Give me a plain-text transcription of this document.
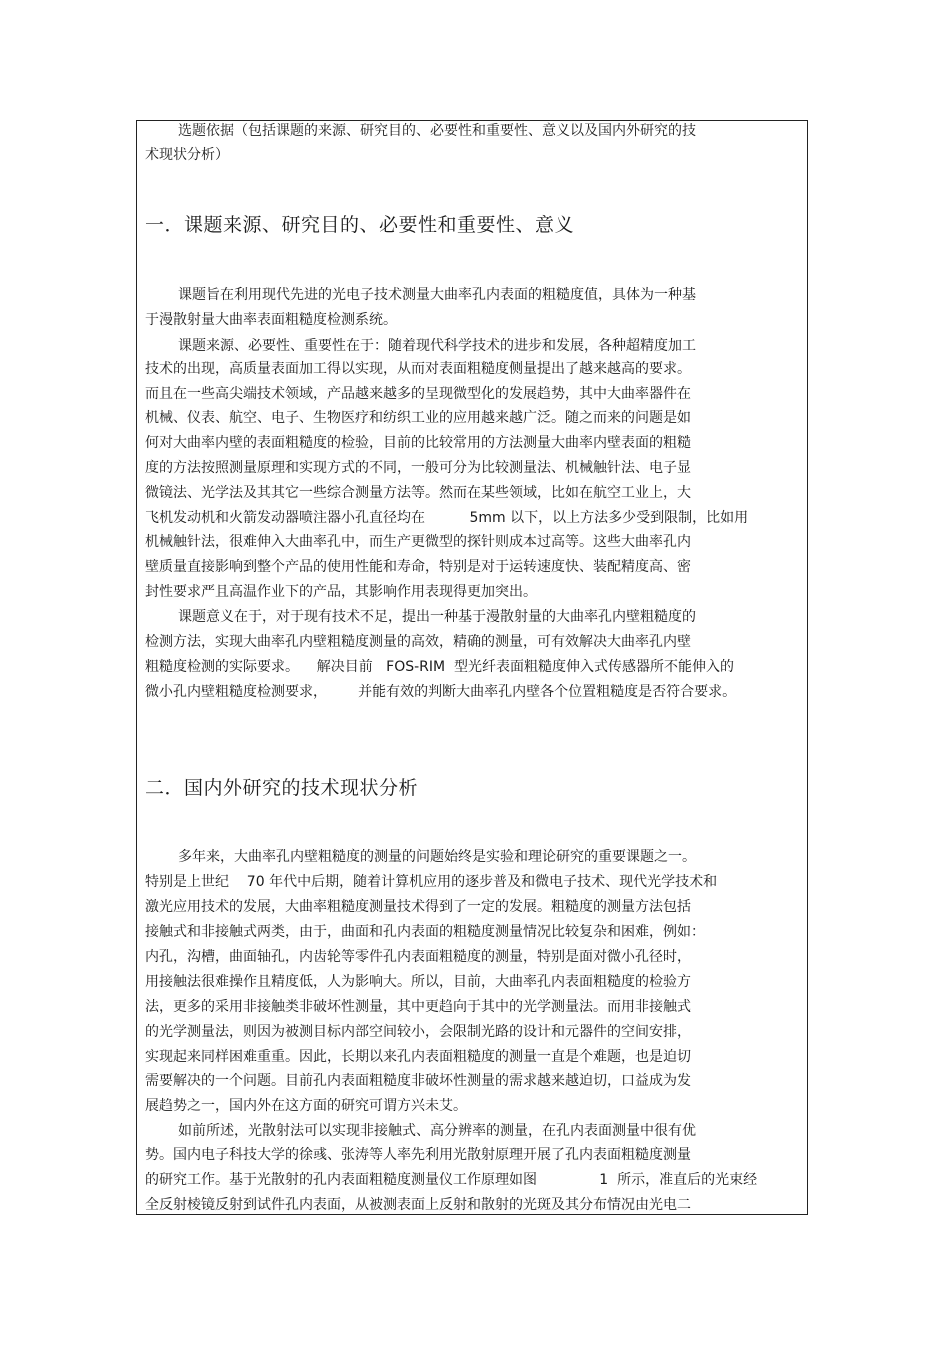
选题依据（包括课题的来源、研究目的、必要性和重要性、意义以及国内外研究的技
术现状分析）
一．课题来源、研究目的、必要性和重要性、意义
课题旨在利用现代先进的光电子技术测量大曲率孔内表面的粗糙度值，具体为一种基
于漫散射量大曲率表面粗糙度检测系统。
课题来源、必要性、重要性在于：随着现代科学技术的进步和发展，各种超精度加工
技术的出现，高质量表面加工得以实现，从而对表面粗糙度侧量提出了越来越高的要求。
而且在一些高尖端技术领域，产品越来越多的呈现微型化的发展趋势，其中大曲率器件在
机械、仪表、航空、电子、生物医疗和纺织工业的应用越来越广泛。随之而来的问题是如
何对大曲率内壁的表面粗糙度的检验，目前的比较常用的方法测量大曲率内壁表面的粗糙
度的方法按照测量原理和实现方式的不同，一般可分为比较测量法、机械触针法、电子显
微镜法、光学法及其其它一些综合测量方法等。然而在某些领域，比如在航空工业上，大
飞机发动机和火箭发动器喷注器小孔直径均在          5mm 以下，以上方法多少受到限制，比如用
机械触针法，很难伸入大曲率孔中，而生产更微型的探针则成本过高等。这些大曲率孔内
壁质量直接影响到整个产品的使用性能和寿命，特别是对于运转速度快、装配精度高、密
封性要求严且高温作业下的产品，其影响作用表现得更加突出。
课题意义在于，对于现有技术不足，提出一种基于漫散射量的大曲率孔内壁粗糙度的
检测方法，实现大曲率孔内壁粗糙度测量的高效，精确的测量，可有效解决大曲率孔内壁
粗糙度检测的实际要求。    解决目前   FOS-RIM  型光纤表面粗糙度伸入式传感器所不能伸入的
微小孔内壁粗糙度检测要求，       并能有效的判断大曲率孔内壁各个位置粗糙度是否符合要求。
二．国内外研究的技术现状分析
多年来，大曲率孔内壁粗糙度的测量的问题始终是实验和理论研究的重要课题之一。
特别是上世纪    70 年代中后期，随着计算机应用的逐步普及和微电子技术、现代光学技术和
激光应用技术的发展，大曲率粗糙度测量技术得到了一定的发展。粗糙度的测量方法包括
接触式和非接触式两类，由于，曲面和孔内表面的粗糙度测量情况比较复杂和困难，例如：
内孔，沟槽，曲面轴孔，内齿轮等零件孔内表面粗糙度的测量，特别是面对微小孔径时，
用接触法很难操作且精度低，人为影响大。所以，目前，大曲率孔内表面粗糙度的检验方
法，更多的采用非接触类非破坏性测量，其中更趋向于其中的光学测量法。而用非接触式
的光学测量法，则因为被测目标内部空间较小，会限制光路的设计和元器件的空间安排，
实现起来同样困难重重。因此，长期以来孔内表面粗糙度的测量一直是个难题，也是迫切
需要解决的一个问题。目前孔内表面粗糙度非破坏性测量的需求越来越迫切，口益成为发
展趋势之一，国内外在这方面的研究可谓方兴未艾。
如前所述，光散射法可以实现非接触式、高分辨率的测量，在孔内表面测量中很有优
势。国内电子科技大学的徐彧、张涛等人率先利用光散射原理开展了孔内表面粗糙度测量
的研究工作。基于光散射的孔内表面粗糙度测量仪工作原理如图              1  所示，准直后的光束经
全反射棱镜反射到试件孔内表面，从被测表面上反射和散射的光斑及其分布情况由光电二
